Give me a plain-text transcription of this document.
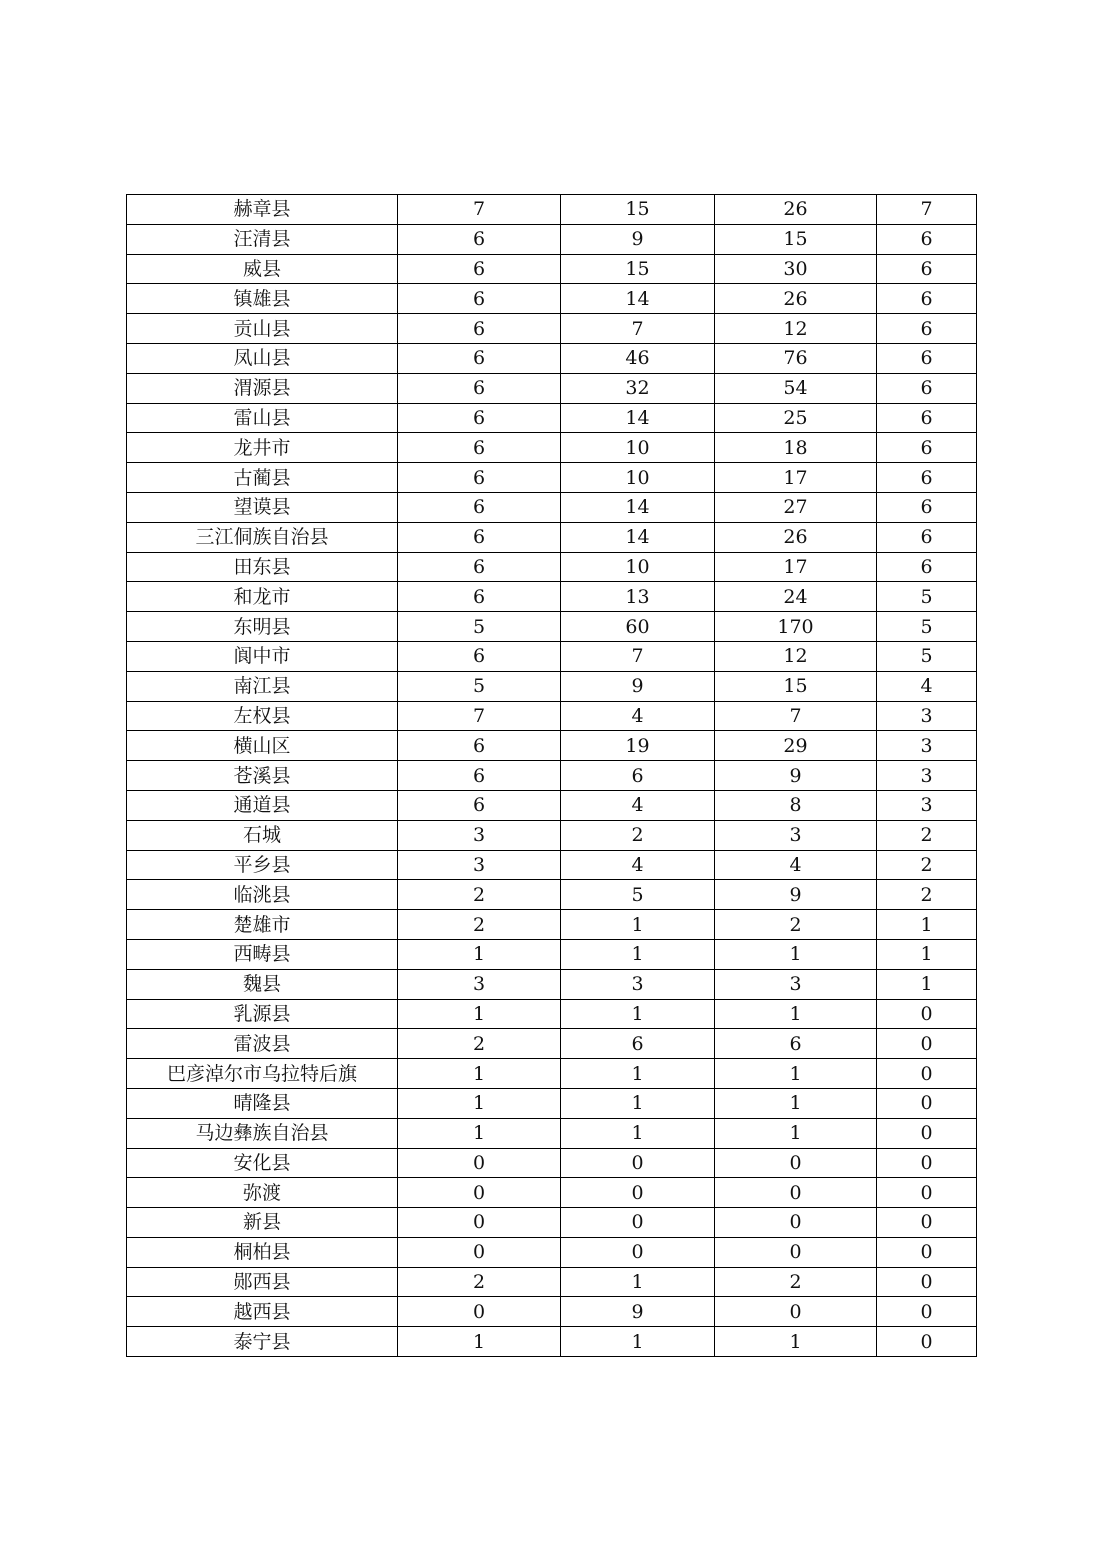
赫章县	7	15	26	7
汪清县	6	9	15	6
威县	6	15	30	6
镇雄县	6	14	26	6
贡山县	6	7	12	6
凤山县	6	46	76	6
渭源县	6	32	54	6
雷山县	6	14	25	6
龙井市	6	10	18	6
古蔺县	6	10	17	6
望谟县	6	14	27	6
三江侗族自治县	6	14	26	6
田东县	6	10	17	6
和龙市	6	13	24	5
东明县	5	60	170	5
阆中市	6	7	12	5
南江县	5	9	15	4
左权县	7	4	7	3
横山区	6	19	29	3
苍溪县	6	6	9	3
通道县	6	4	8	3
石城	3	2	3	2
平乡县	3	4	4	2
临洮县	2	5	9	2
楚雄市	2	1	2	1
西畴县	1	1	1	1
魏县	3	3	3	1
乳源县	1	1	1	0
雷波县	2	6	6	0
巴彦淖尔市乌拉特后旗	1	1	1	0
晴隆县	1	1	1	0
马边彝族自治县	1	1	1	0
安化县	0	0	0	0
弥渡	0	0	0	0
新县	0	0	0	0
桐柏县	0	0	0	0
郧西县	2	1	2	0
越西县	0	9	0	0
泰宁县	1	1	1	0
